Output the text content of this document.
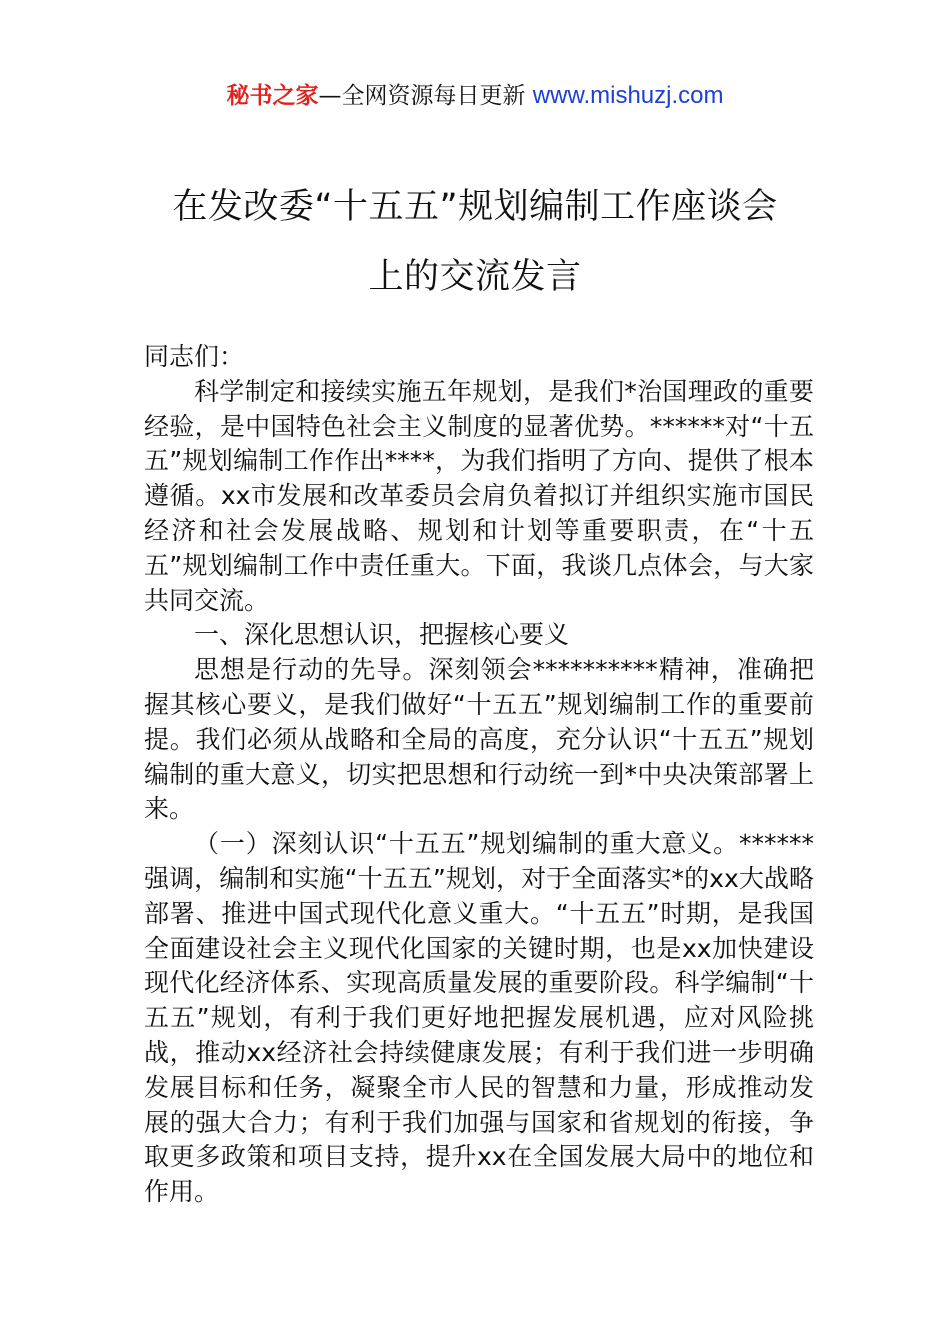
秘书之家—全网资源每日更新 www.mishuzj.com
在发改委“十五五”规划编制工作座谈会
上的交流发言

同志们：

科学制定和接续实施五年规划，是我们*治国理政的重要经验，是中国特色社会主义制度的显著优势。******对“十五五”规划编制工作作出****，为我们指明了方向、提供了根本遵循。xx市发展和改革委员会肩负着拟订并组织实施市国民经济和社会发展战略、规划和计划等重要职责，在“十五五”规划编制工作中责任重大。下面，我谈几点体会，与大家共同交流。

一、深化思想认识，把握核心要义

思想是行动的先导。深刻领会**********精神，准确把握其核心要义，是我们做好“十五五”规划编制工作的重要前提。我们必须从战略和全局的高度，充分认识“十五五”规划编制的重大意义，切实把思想和行动统一到*中央决策部署上来。

（一）深刻认识“十五五”规划编制的重大意义。******强调，编制和实施“十五五”规划，对于全面落实*的xx大战略部署、推进中国式现代化意义重大。“十五五”时期，是我国全面建设社会主义现代化国家的关键时期，也是xx加快建设现代化经济体系、实现高质量发展的重要阶段。科学编制“十五五”规划，有利于我们更好地把握发展机遇，应对风险挑战，推动xx经济社会持续健康发展；有利于我们进一步明确发展目标和任务，凝聚全市人民的智慧和力量，形成推动发展的强大合力；有利于我们加强与国家和省规划的衔接，争取更多政策和项目支持，提升xx在全国发展大局中的地位和作用。
